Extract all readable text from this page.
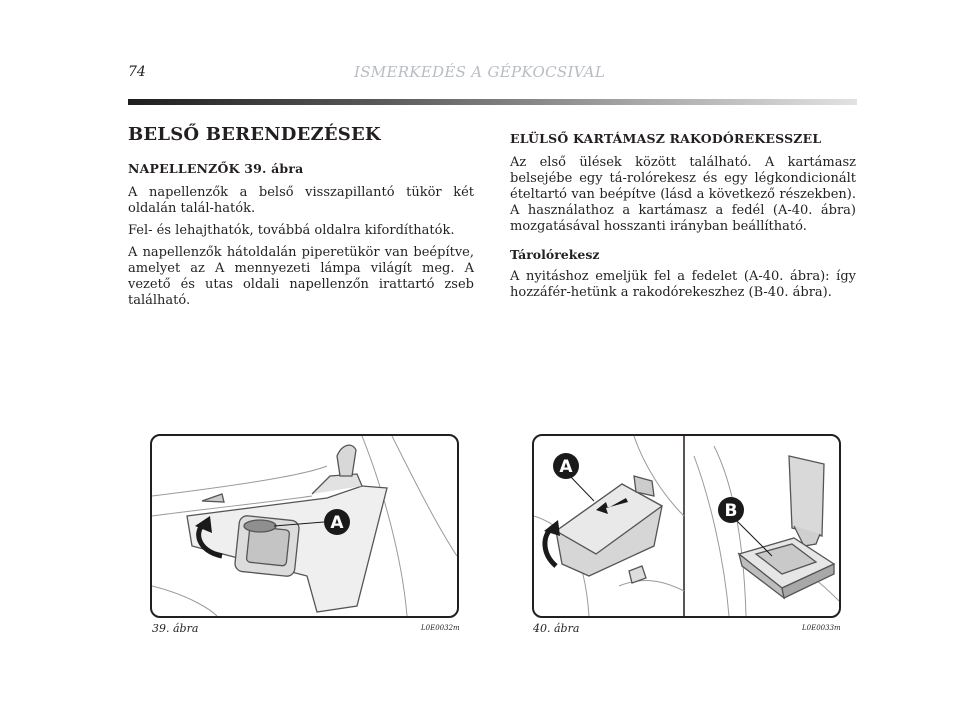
74	ISMERKEDÉS A GÉPKOCSIVAL
BELSŐ BERENDEZÉSEK
NAPELLENZŐK 39. ábra

A napellenzők a belső visszapillantó tükör két oldalán talál-hatók.

Fel- és lehajthatók, továbbá oldalra kifordíthatók.

A napellenzők hátoldalán piperetükör van beépítve, amelyet az A mennyezeti lámpa világít meg. A vezető és utas oldali napellenzőn irattartó zseb található.

ELÜLSŐ KARTÁMASZ RAKODÓREKESSZEL

Az első ülések között található. A kartámasz belsejébe egy tá-rolórekesz és egy légkondicionált ételtartó van beépítve (lásd a következő részekben). A használathoz a kartámasz a fedél (A-40. ábra) mozgatásával hosszanti irányban beállítható.

Tárolórekesz

A nyitáshoz emeljük fel a fedelet (A-40. ábra): így hozzáfér-hetünk a rakodórekeszhez (B-40. ábra).

A
39. ábra	L0E0032m
A
B
40. ábra	L0E0033m
